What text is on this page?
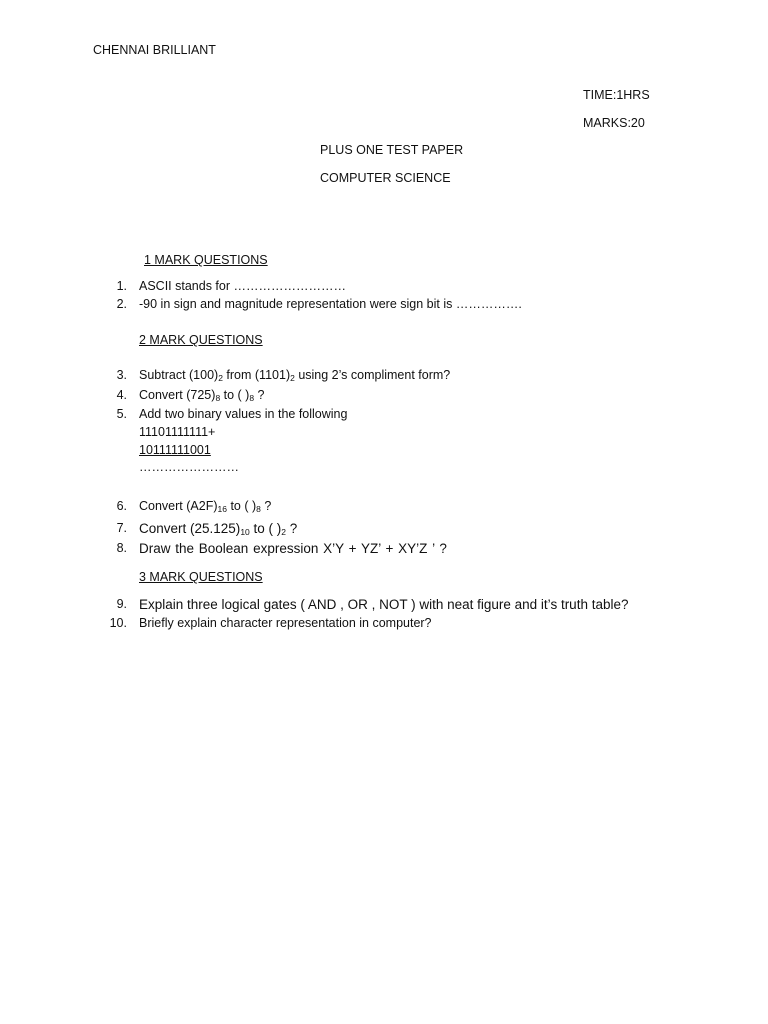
CHENNAI BRILLIANT
TIME:1HRS
MARKS:20
PLUS ONE TEST PAPER
COMPUTER SCIENCE
1 MARK QUESTIONS
1. ASCII stands for ………………………
2. -90 in sign and magnitude representation were sign bit is …………….
2 MARK QUESTIONS
3. Subtract $(100)_2$ from $(1101)_2$ using 2’s compliment form?
4. Convert $(725)_8$ to ( )$_8$ ?
5. Add two binary values in the following
11101111111+
10111111001
……………………
6. Convert $(A2F)_{16}$ to ( )$_8$ ?
7. Convert $(25.125)_{10}$ to ( )$_2$ ?
8. Draw the Boolean expression X’Y + YZ’ + XY’Z ’ ?
3 MARK QUESTIONS
9. Explain three logical gates ( AND , OR , NOT ) with neat figure and it’s truth table?
10. Briefly explain character representation in computer?
